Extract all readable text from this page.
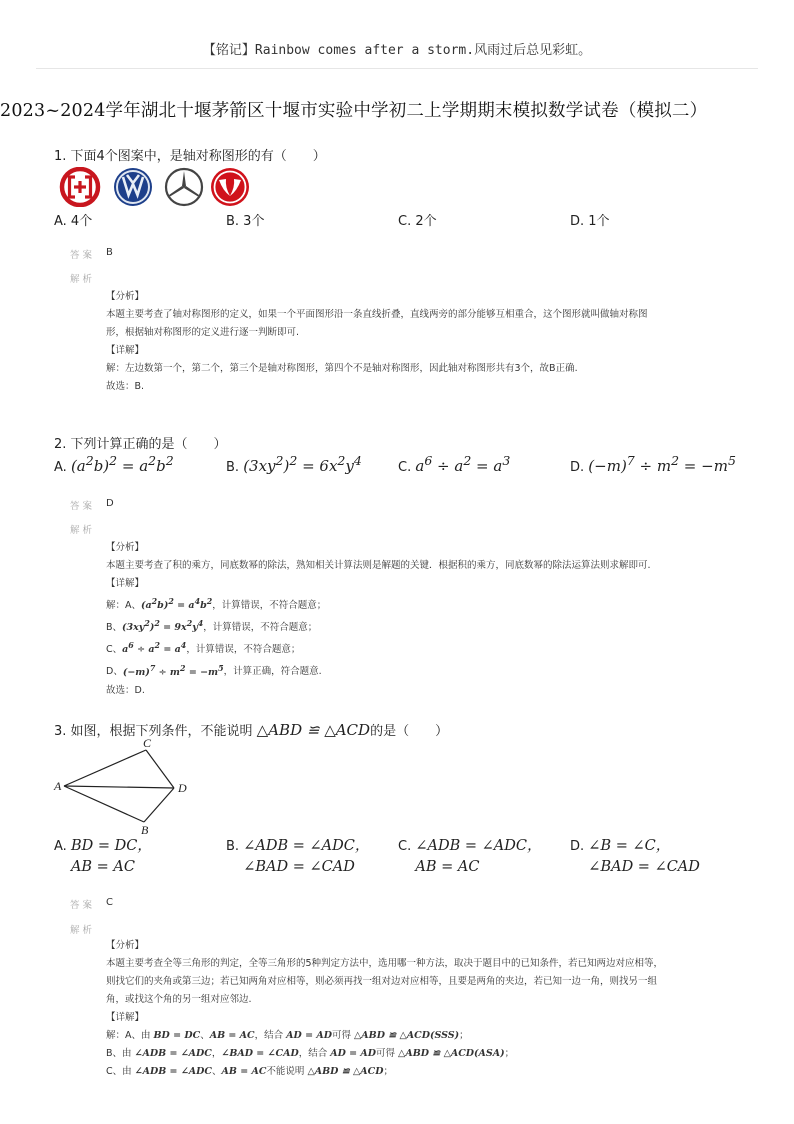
【铭记】Rainbow comes after a storm.风雨过后总见彩虹。
2023~2024学年湖北十堰茅箭区十堰市实验中学初二上学期期末模拟数学试卷（模拟二）
1. 下面4个图案中，是轴对称图形的有（　　）
A. 4个	B. 3个	C. 2个	D. 1个
答案 B
解析
【分析】
本题主要考查了轴对称图形的定义，如果一个平面图形沿一条直线折叠，直线两旁的部分能够互相重合，这个图形就叫做轴对称图
形，根据轴对称图形的定义进行逐一判断即可.
【详解】
解：左边数第一个，第二个，第三个是轴对称图形，第四个不是轴对称图形，因此轴对称图形共有3个，故B正确.
故选：B.
2. 下列计算正确的是（　　）
A. $(a^2b)^2 = a^2b^2$	B. $(3xy^2)^2 = 6x^2y^4$	C. $a^6 \div a^2 = a^3$	D. $(-m)^7 \div m^2 = -m^5$
答案 D
解析
【分析】
本题主要考查了积的乘方，同底数幂的除法，熟知相关计算法则是解题的关键．根据积的乘方，同底数幂的除法运算法则求解即可.
【详解】
解：A、$(a^2b)^2 = a^4b^2$，计算错误，不符合题意；
B、$(3xy^2)^2 = 9x^2y^4$，计算错误，不符合题意；
C、$a^6 \div a^2 = a^4$，计算错误，不符合题意；
D、$(-m)^7 \div m^2 = -m^5$，计算正确，符合题意.
故选：D.
3. 如图，根据下列条件，不能说明 △ABD ≌ △ACD的是（　　）
C
A	D
B
A. BD = DC，
AB = AC
B. ∠ADB = ∠ADC，
∠BAD = ∠CAD
C. ∠ADB = ∠ADC，
AB = AC
D. ∠B = ∠C，
∠BAD = ∠CAD
答案 C
解析
【分析】
本题主要考查全等三角形的判定，全等三角形的5种判定方法中，选用哪一种方法，取决于题目中的已知条件，若已知两边对应相等，
则找它们的夹角或第三边；若已知两角对应相等，则必须再找一组对边对应相等，且要是两角的夹边，若已知一边一角，则找另一组
角，或找这个角的另一组对应邻边.
【详解】
解：A、由 BD = DC、AB = AC，结合 AD = AD可得 △ABD ≌ △ACD(SSS)；
B、由 ∠ADB = ∠ADC，∠BAD = ∠CAD，结合 AD = AD可得 △ABD ≌ △ACD(ASA)；
C、由 ∠ADB = ∠ADC、AB = AC不能说明 △ABD ≌ △ACD；
